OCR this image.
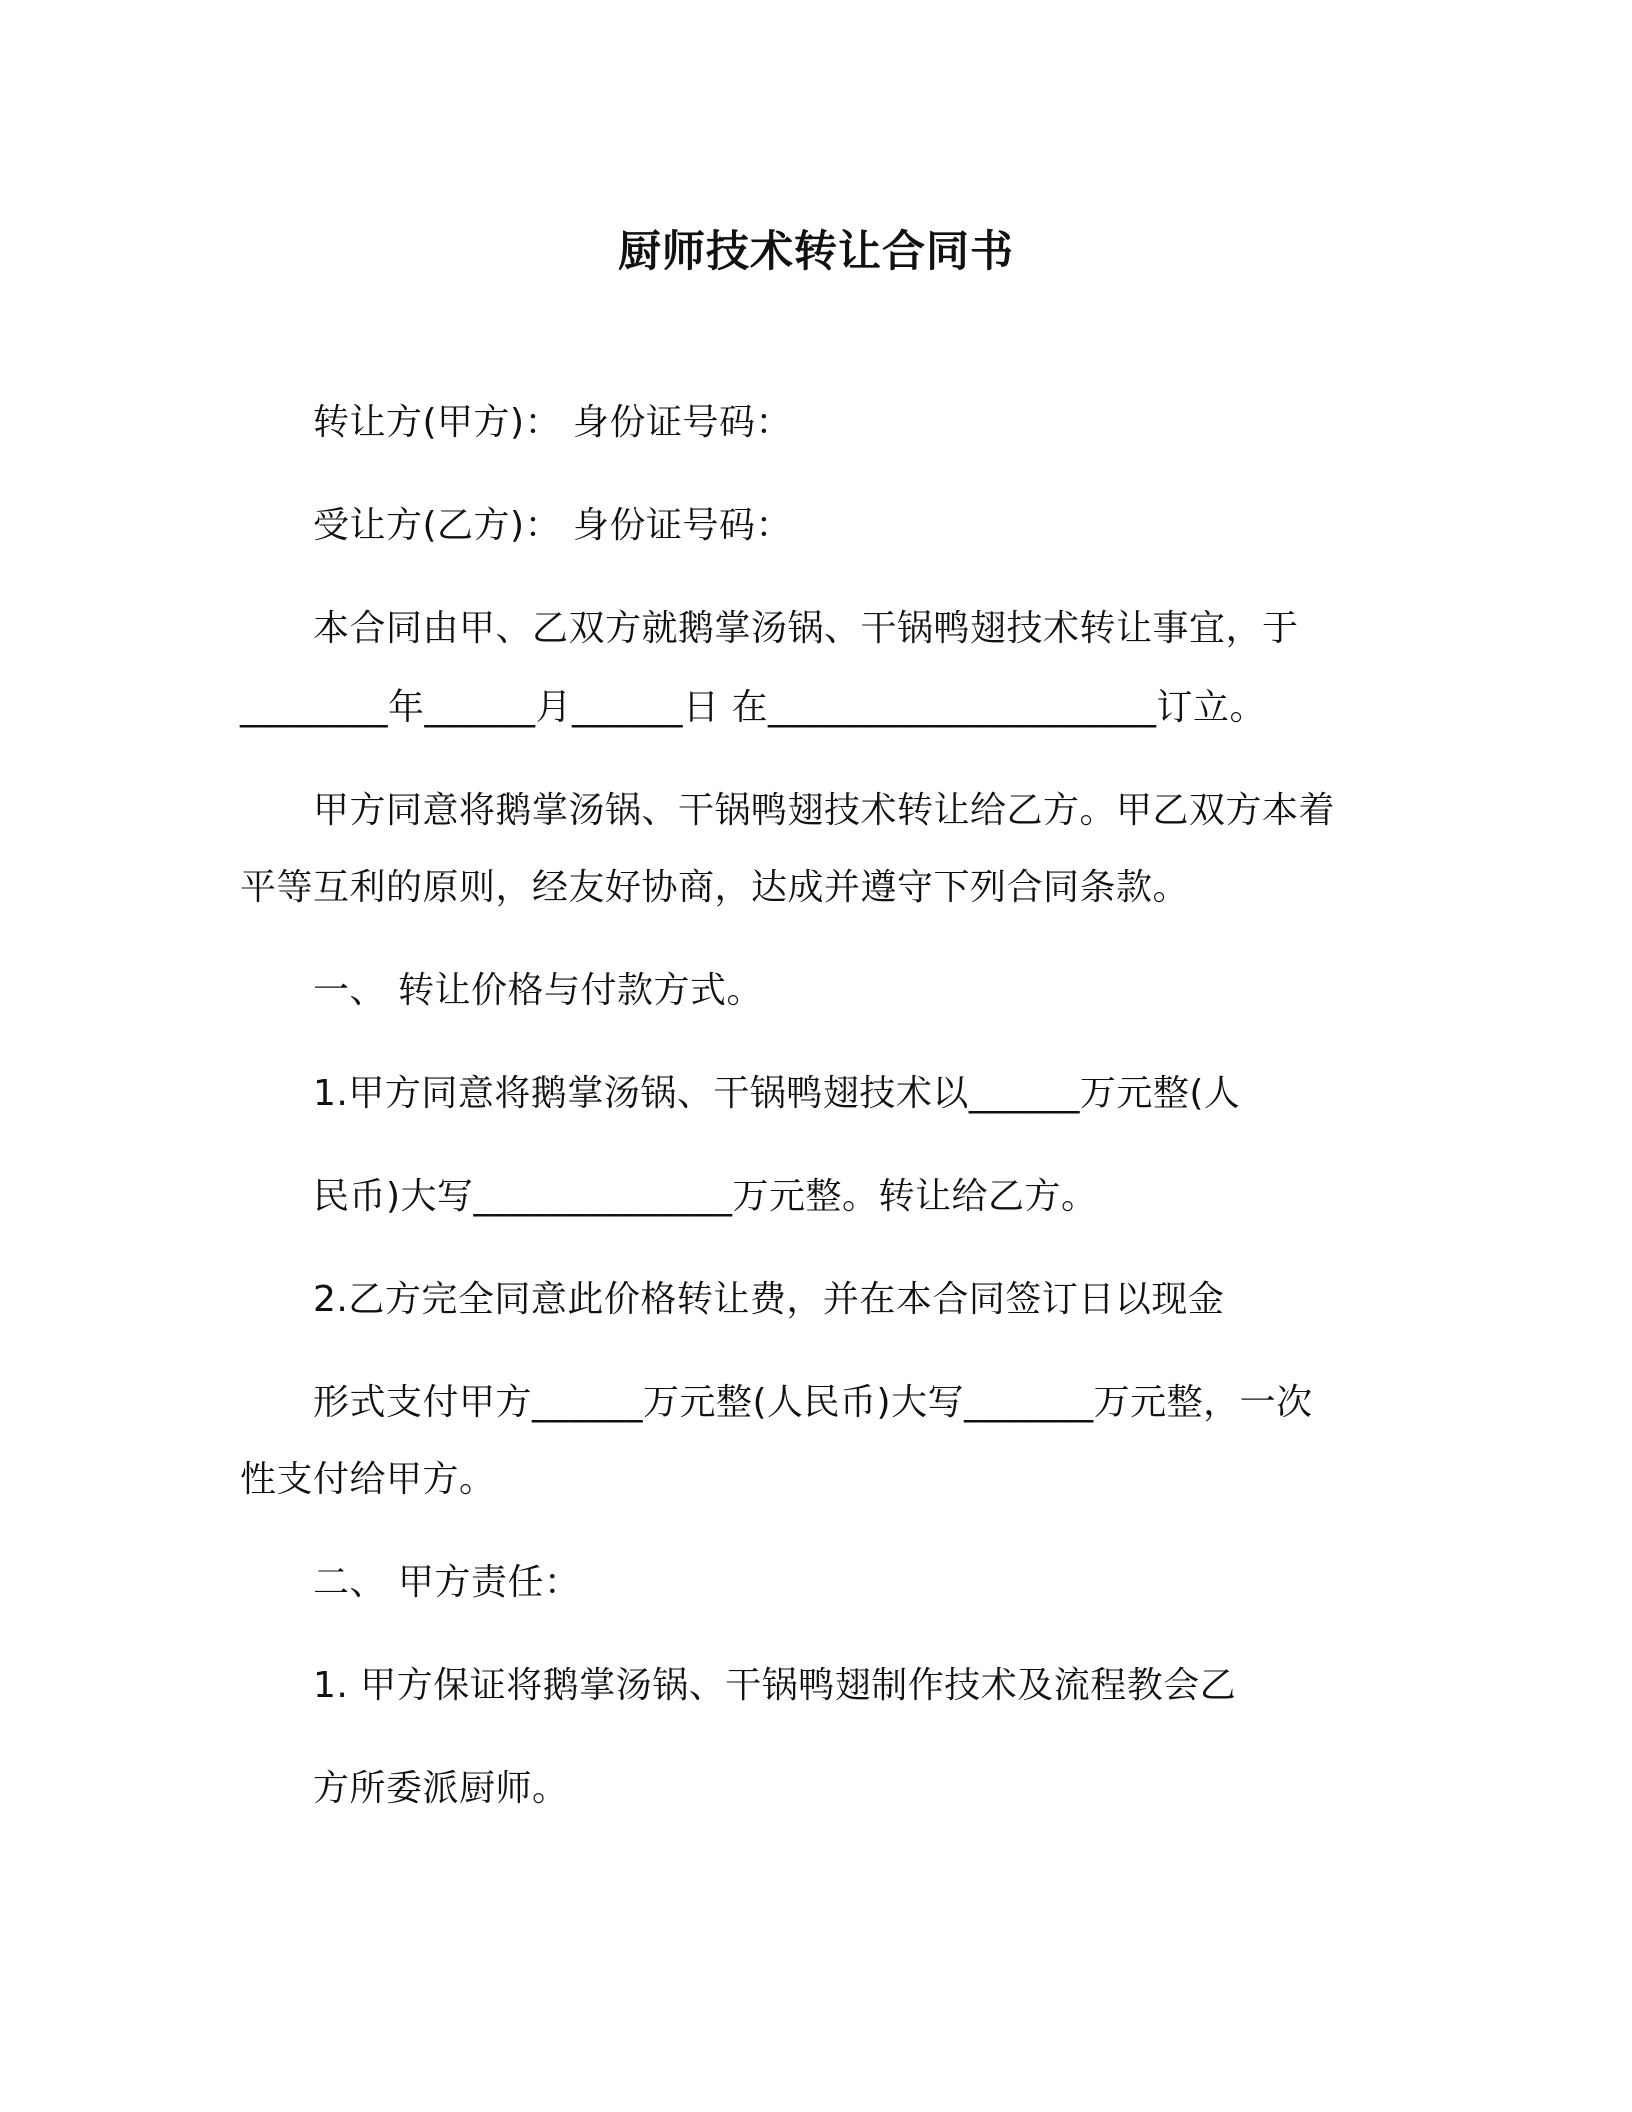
厨师技术转让合同书
转让方(甲方)： 身份证号码：
受让方(乙方)： 身份证号码：
本合同由甲、乙双方就鹅掌汤锅、干锅鸭翅技术转让事宜，于
________年______月______日 在_____________________订立。
甲方同意将鹅掌汤锅、干锅鸭翅技术转让给乙方。甲乙双方本着
平等互利的原则，经友好协商，达成并遵守下列合同条款。
一、 转让价格与付款方式。
1.甲方同意将鹅掌汤锅、干锅鸭翅技术以______万元整(人
民币)大写______________万元整。转让给乙方。
2.乙方完全同意此价格转让费，并在本合同签订日以现金
形式支付甲方______万元整(人民币)大写_______万元整，一次
性支付给甲方。
二、 甲方责任：
1. 甲方保证将鹅掌汤锅、干锅鸭翅制作技术及流程教会乙
方所委派厨师。
